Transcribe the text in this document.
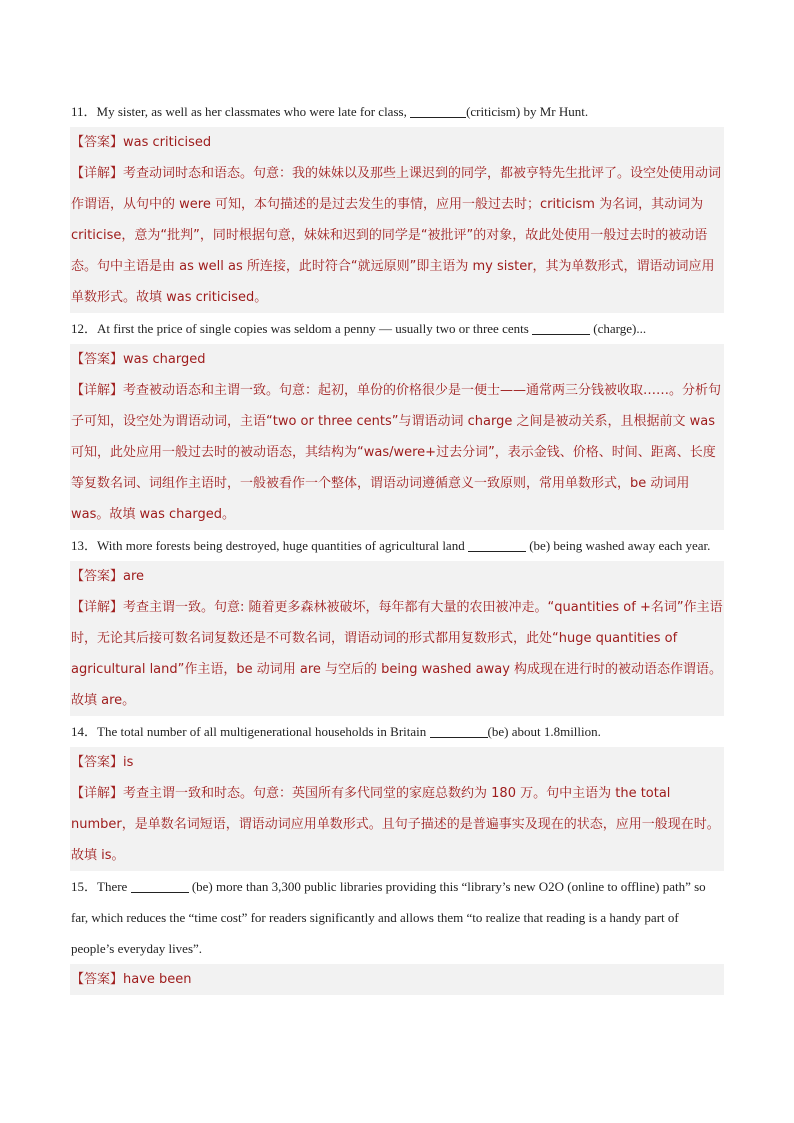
11．My sister, as well as her classmates who were late for class,	(criticism) by Mr Hunt.

【答案】was criticised

【详解】考查动词时态和语态。句意：我的妹妹以及那些上课迟到的同学，都被亨特先生批评了。设空处使用动词作谓语，从句中的 were 可知，本句描述的是过去发生的事情，应用一般过去时；criticism 为名词，其动词为 criticise，意为“批判”，同时根据句意，妹妹和迟到的同学是“被批评”的对象，故此处使用一般过去时的被动语态。句中主语是由 as well as 所连接，此时符合“就远原则”即主语为 my sister，其为单数形式，谓语动词应用单数形式。故填 was criticised。

12．At first the price of single copies was seldom a penny — usually two or three cents	(charge)...

【答案】was charged

【详解】考查被动语态和主谓一致。句意：起初，单份的价格很少是一便士——通常两三分钱被收取……。分析句子可知，设空处为谓语动词，主语“two or three cents”与谓语动词 charge 之间是被动关系，且根据前文 was 可知，此处应用一般过去时的被动语态，其结构为“was/were+过去分词”，表示金钱、价格、时间、距离、长度等复数名词、词组作主语时，一般被看作一个整体，谓语动词遵循意义一致原则，常用单数形式，be 动词用 was。故填 was charged。

13．With more forests being destroyed, huge quantities of agricultural land	(be) being washed away each year.

【答案】are

【详解】考查主谓一致。句意: 随着更多森林被破坏，每年都有大量的农田被冲走。“quantities of +名词”作主语时，无论其后接可数名词复数还是不可数名词，谓语动词的形式都用复数形式，此处“huge quantities of agricultural land”作主语，be 动词用 are 与空后的 being washed away 构成现在进行时的被动语态作谓语。故填 are。

14．The total number of all multigenerational households in Britain	(be) about 1.8million.

【答案】is

【详解】考查主谓一致和时态。句意：英国所有多代同堂的家庭总数约为 180 万。句中主语为 the total number，是单数名词短语，谓语动词应用单数形式。且句子描述的是普遍事实及现在的状态，应用一般现在时。故填 is。

15．There	(be) more than 3,300 public libraries providing this “library’s new O2O (online to offline) path” so far, which reduces the “time cost” for readers significantly and allows them “to realize that reading is a handy part of people’s everyday lives”.

【答案】have been
